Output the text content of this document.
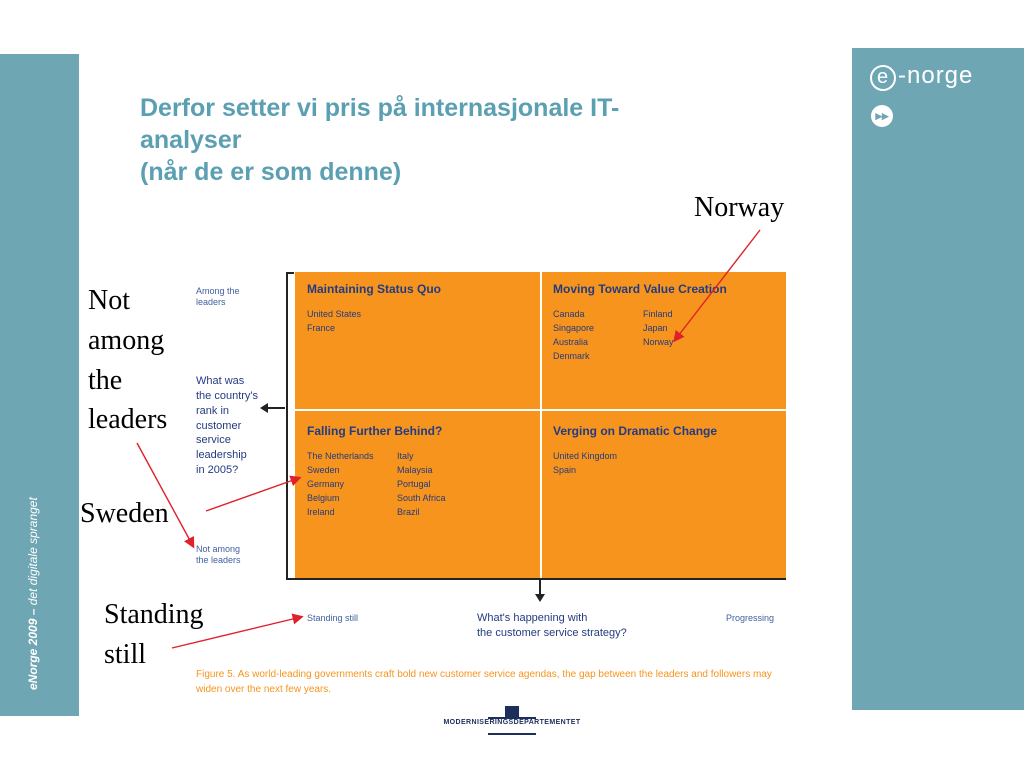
eNorge 2009 – det digitale spranget
e -norge
▸▸
Derfor setter vi pris på internasjonale IT-
analyser
(når de er som denne)
Among the
leaders
What was
the country's
rank in
customer
service
leadership
in 2005?
Not among
the leaders
Maintaining Status Quo
United States
France
Moving Toward Value Creation
Canada
Singapore
Australia
Denmark
Finland
Japan
Norway
Falling Further Behind?
The Netherlands
Sweden
Germany
Belgium
Ireland
Italy
Malaysia
Portugal
South Africa
Brazil
Verging on Dramatic Change
United Kingdom
Spain
Standing still	What's happening with
the customer service strategy?
Progressing
Figure 5. As world-leading governments craft bold new customer service agendas, the gap between the leaders and followers may widen over the next few years.
Norway
Not
among
the
leaders
Sweden
Standing
still
MODERNISERINGSDEPARTEMENTET
